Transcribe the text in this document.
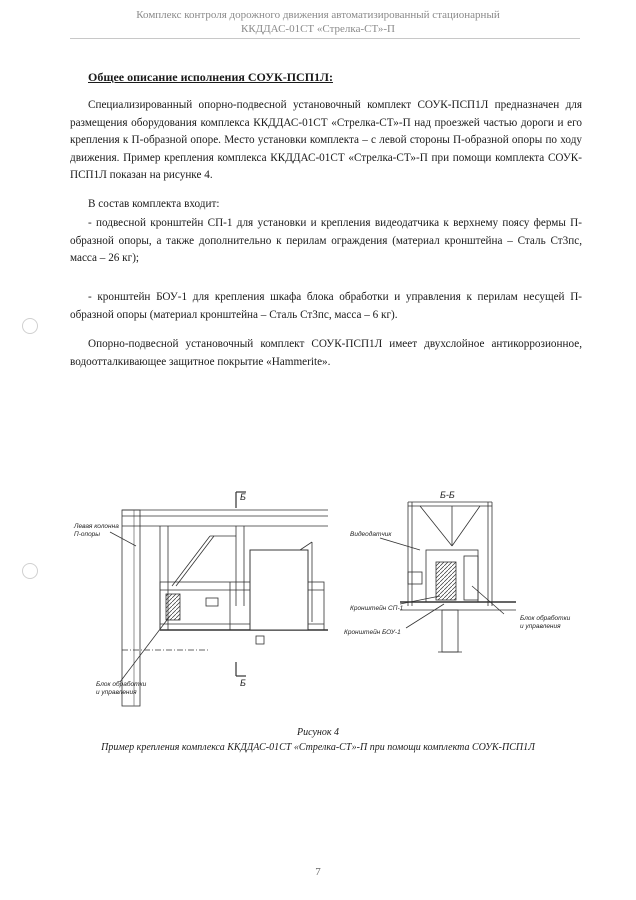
Комплекс контроля дорожного движения автоматизированный стационарный
ККДДАС-01СТ «Стрелка-СТ»-П
Общее описание исполнения СОУК-ПСП1Л:
Специализированный опорно-подвесной установочный комплект СОУК-ПСП1Л предназначен для размещения оборудования комплекса ККДДАС-01СТ «Стрелка-СТ»-П над проезжей частью дороги и его крепления к П-образной опоре. Место установки комплекта – с левой стороны П-образной опоры по ходу движения. Пример крепления комплекса ККДДАС-01СТ «Стрелка-СТ»-П при помощи комплекта СОУК-ПСП1Л показан на рисунке 4.
В состав комплекта входит:
- подвесной кронштейн СП-1 для установки и крепления видеодатчика к верхнему поясу фермы П-образной опоры, а также дополнительно к перилам ограждения (материал кронштейна – Сталь Ст3пс, масса – 26 кг);
- кронштейн БОУ-1 для крепления шкафа блока обработки и управления к перилам несущей П-образной опоры (материал кронштейна – Сталь Ст3пс, масса – 6 кг).
Опорно-подвесной установочный комплект СОУК-ПСП1Л имеет двухслойное антикоррозионное, водоотталкивающее защитное покрытие «Hammerite».
Левая колонна
П-опоры
Б
Б
Блок обработки
и управления
Б-Б
Видеодатчик
Кронштейн СП-1
Кронштейн БОУ-1
Блок обработки
и управления
Рисунок 4
Пример крепления комплекса ККДДАС-01СТ «Стрелка-СТ»-П при помощи комплекта СОУК-ПСП1Л
7
